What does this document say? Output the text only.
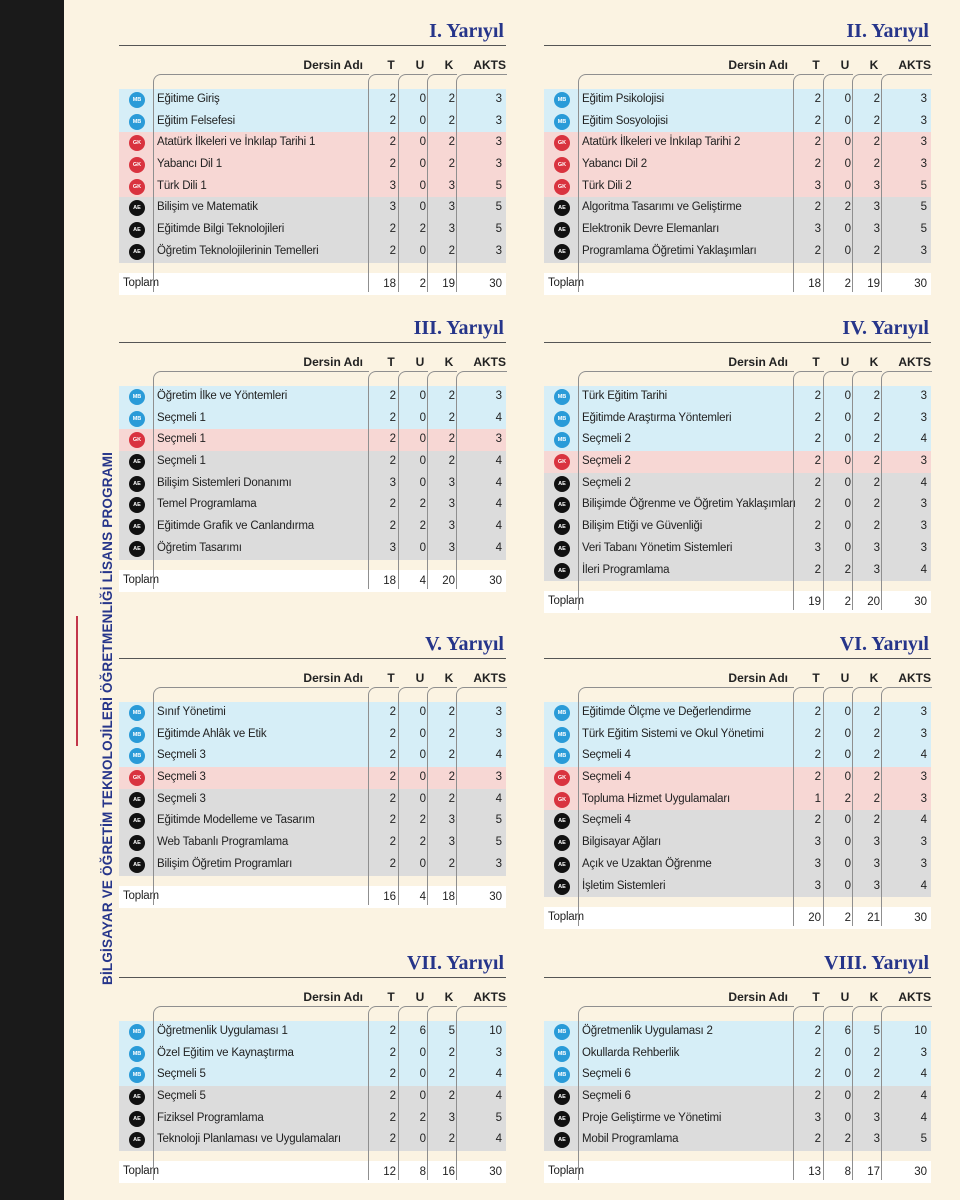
BİLGİSAYAR VE ÖĞRETİM TEKNOLOJİLERİ ÖĞRETMENLİĞİ LİSANS PROGRAMI
I. Yarıyıl
Dersin Adı	T	U	K	AKTS
MB	Eğitime Giriş	2	0	2	3
MB	Eğitim Felsefesi	2	0	2	3
GK	Atatürk İlkeleri ve İnkılap Tarihi 1	2	0	2	3
GK	Yabancı Dil 1	2	0	2	3
GK	Türk Dili 1	3	0	3	5
AE	Bilişim ve Matematik	3	0	3	5
AE	Eğitimde Bilgi Teknolojileri	2	2	3	5
AE	Öğretim Teknolojilerinin Temelleri	2	0	2	3
Toplam	18	2	19	30
II. Yarıyıl
Dersin Adı	T	U	K	AKTS
MB	Eğitim Psikolojisi	2	0	2	3
MB	Eğitim Sosyolojisi	2	0	2	3
GK	Atatürk İlkeleri ve İnkılap Tarihi 2	2	0	2	3
GK	Yabancı Dil 2	2	0	2	3
GK	Türk Dili 2	3	0	3	5
AE	Algoritma Tasarımı ve Geliştirme	2	2	3	5
AE	Elektronik Devre Elemanları	3	0	3	5
AE	Programlama Öğretimi Yaklaşımları	2	0	2	3
Toplam	18	2	19	30
III. Yarıyıl
Dersin Adı	T	U	K	AKTS
MB	Öğretim İlke ve Yöntemleri	2	0	2	3
MB	Seçmeli 1	2	0	2	4
GK	Seçmeli 1	2	0	2	3
AE	Seçmeli 1	2	0	2	4
AE	Bilişim Sistemleri Donanımı	3	0	3	4
AE	Temel Programlama	2	2	3	4
AE	Eğitimde Grafik ve Canlandırma	2	2	3	4
AE	Öğretim Tasarımı	3	0	3	4
Toplam	18	4	20	30
IV. Yarıyıl
Dersin Adı	T	U	K	AKTS
MB	Türk Eğitim Tarihi	2	0	2	3
MB	Eğitimde Araştırma Yöntemleri	2	0	2	3
MB	Seçmeli 2	2	0	2	4
GK	Seçmeli 2	2	0	2	3
AE	Seçmeli 2	2	0	2	4
AE	Bilişimde Öğrenme ve Öğretim Yaklaşımları	2	0	2	3
AE	Bilişim Etiği ve Güvenliği	2	0	2	3
AE	Veri Tabanı Yönetim Sistemleri	3	0	3	3
AE	İleri Programlama	2	2	3	4
Toplam	19	2	20	30
V. Yarıyıl
Dersin Adı	T	U	K	AKTS
MB	Sınıf Yönetimi	2	0	2	3
MB	Eğitimde Ahlâk ve Etik	2	0	2	3
MB	Seçmeli 3	2	0	2	4
GK	Seçmeli 3	2	0	2	3
AE	Seçmeli 3	2	0	2	4
AE	Eğitimde Modelleme ve Tasarım	2	2	3	5
AE	Web Tabanlı Programlama	2	2	3	5
AE	Bilişim Öğretim Programları	2	0	2	3
Toplam	16	4	18	30
VI. Yarıyıl
Dersin Adı	T	U	K	AKTS
MB	Eğitimde Ölçme ve Değerlendirme	2	0	2	3
MB	Türk Eğitim Sistemi ve Okul Yönetimi	2	0	2	3
MB	Seçmeli 4	2	0	2	4
GK	Seçmeli 4	2	0	2	3
GK	Topluma Hizmet Uygulamaları	1	2	2	3
AE	Seçmeli 4	2	0	2	4
AE	Bilgisayar Ağları	3	0	3	3
AE	Açık ve Uzaktan Öğrenme	3	0	3	3
AE	İşletim Sistemleri	3	0	3	4
Toplam	20	2	21	30
VII. Yarıyıl
Dersin Adı	T	U	K	AKTS
MB	Öğretmenlik Uygulaması 1	2	6	5	10
MB	Özel Eğitim ve Kaynaştırma	2	0	2	3
MB	Seçmeli 5	2	0	2	4
AE	Seçmeli 5	2	0	2	4
AE	Fiziksel Programlama	2	2	3	5
AE	Teknoloji Planlaması ve Uygulamaları	2	0	2	4
Toplam	12	8	16	30
VIII. Yarıyıl
Dersin Adı	T	U	K	AKTS
MB	Öğretmenlik Uygulaması 2	2	6	5	10
MB	Okullarda Rehberlik	2	0	2	3
MB	Seçmeli 6	2	0	2	4
AE	Seçmeli 6	2	0	2	4
AE	Proje Geliştirme ve Yönetimi	3	0	3	4
AE	Mobil Programlama	2	2	3	5
Toplam	13	8	17	30
